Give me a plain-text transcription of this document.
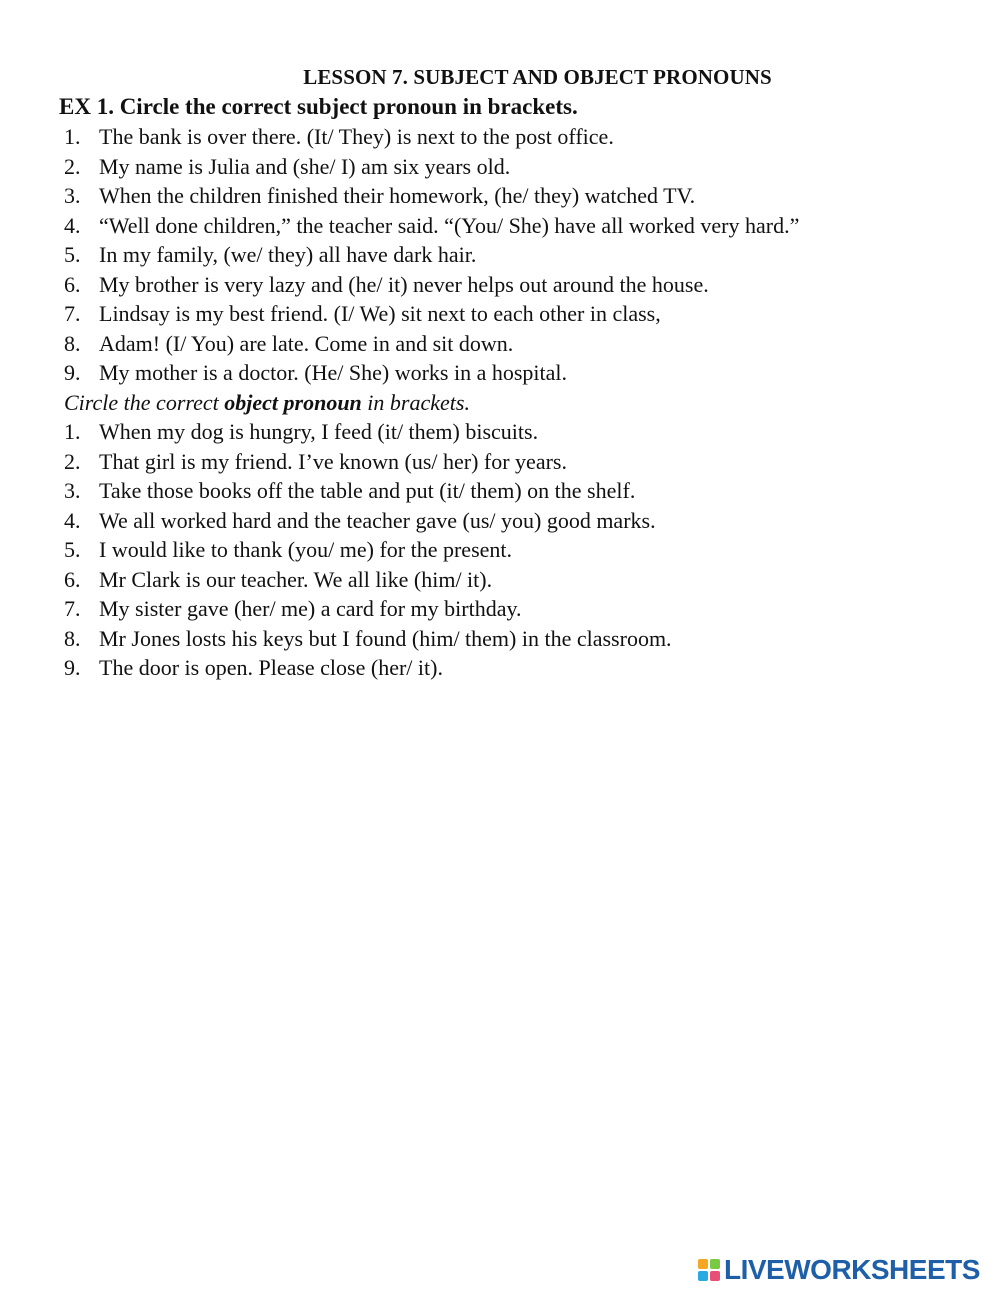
LESSON 7. SUBJECT AND OBJECT PRONOUNS
EX 1. Circle the correct subject pronoun in brackets.
1. The bank is over there. (It/ They) is next to the post office.
2. My name is Julia and (she/ I) am six years old.
3. When the children finished their homework, (he/ they) watched TV.
4. “Well done children,” the teacher said. “(You/ She) have all worked very hard.”
5. In my family, (we/ they) all have dark hair.
6. My brother is very lazy and (he/ it) never helps out around the house.
7. Lindsay is my best friend. (I/ We) sit next to each other in class,
8. Adam! (I/ You) are late. Come in and sit down.
9. My mother is a doctor. (He/ She) works in a hospital.
Circle the correct object pronoun in brackets.
1. When my dog is hungry, I feed (it/ them) biscuits.
2. That girl is my friend. I’ve known (us/ her) for years.
3. Take those books off the table and put (it/ them) on the shelf.
4. We all worked hard and the teacher gave (us/ you) good marks.
5. I would like to thank (you/ me) for the present.
6. Mr Clark is our teacher. We all like (him/ it).
7. My sister gave (her/ me) a card for my birthday.
8. Mr Jones losts his keys but I found (him/ them) in the classroom.
9. The door is open. Please close (her/ it).
LIVEWORKSHEETS
